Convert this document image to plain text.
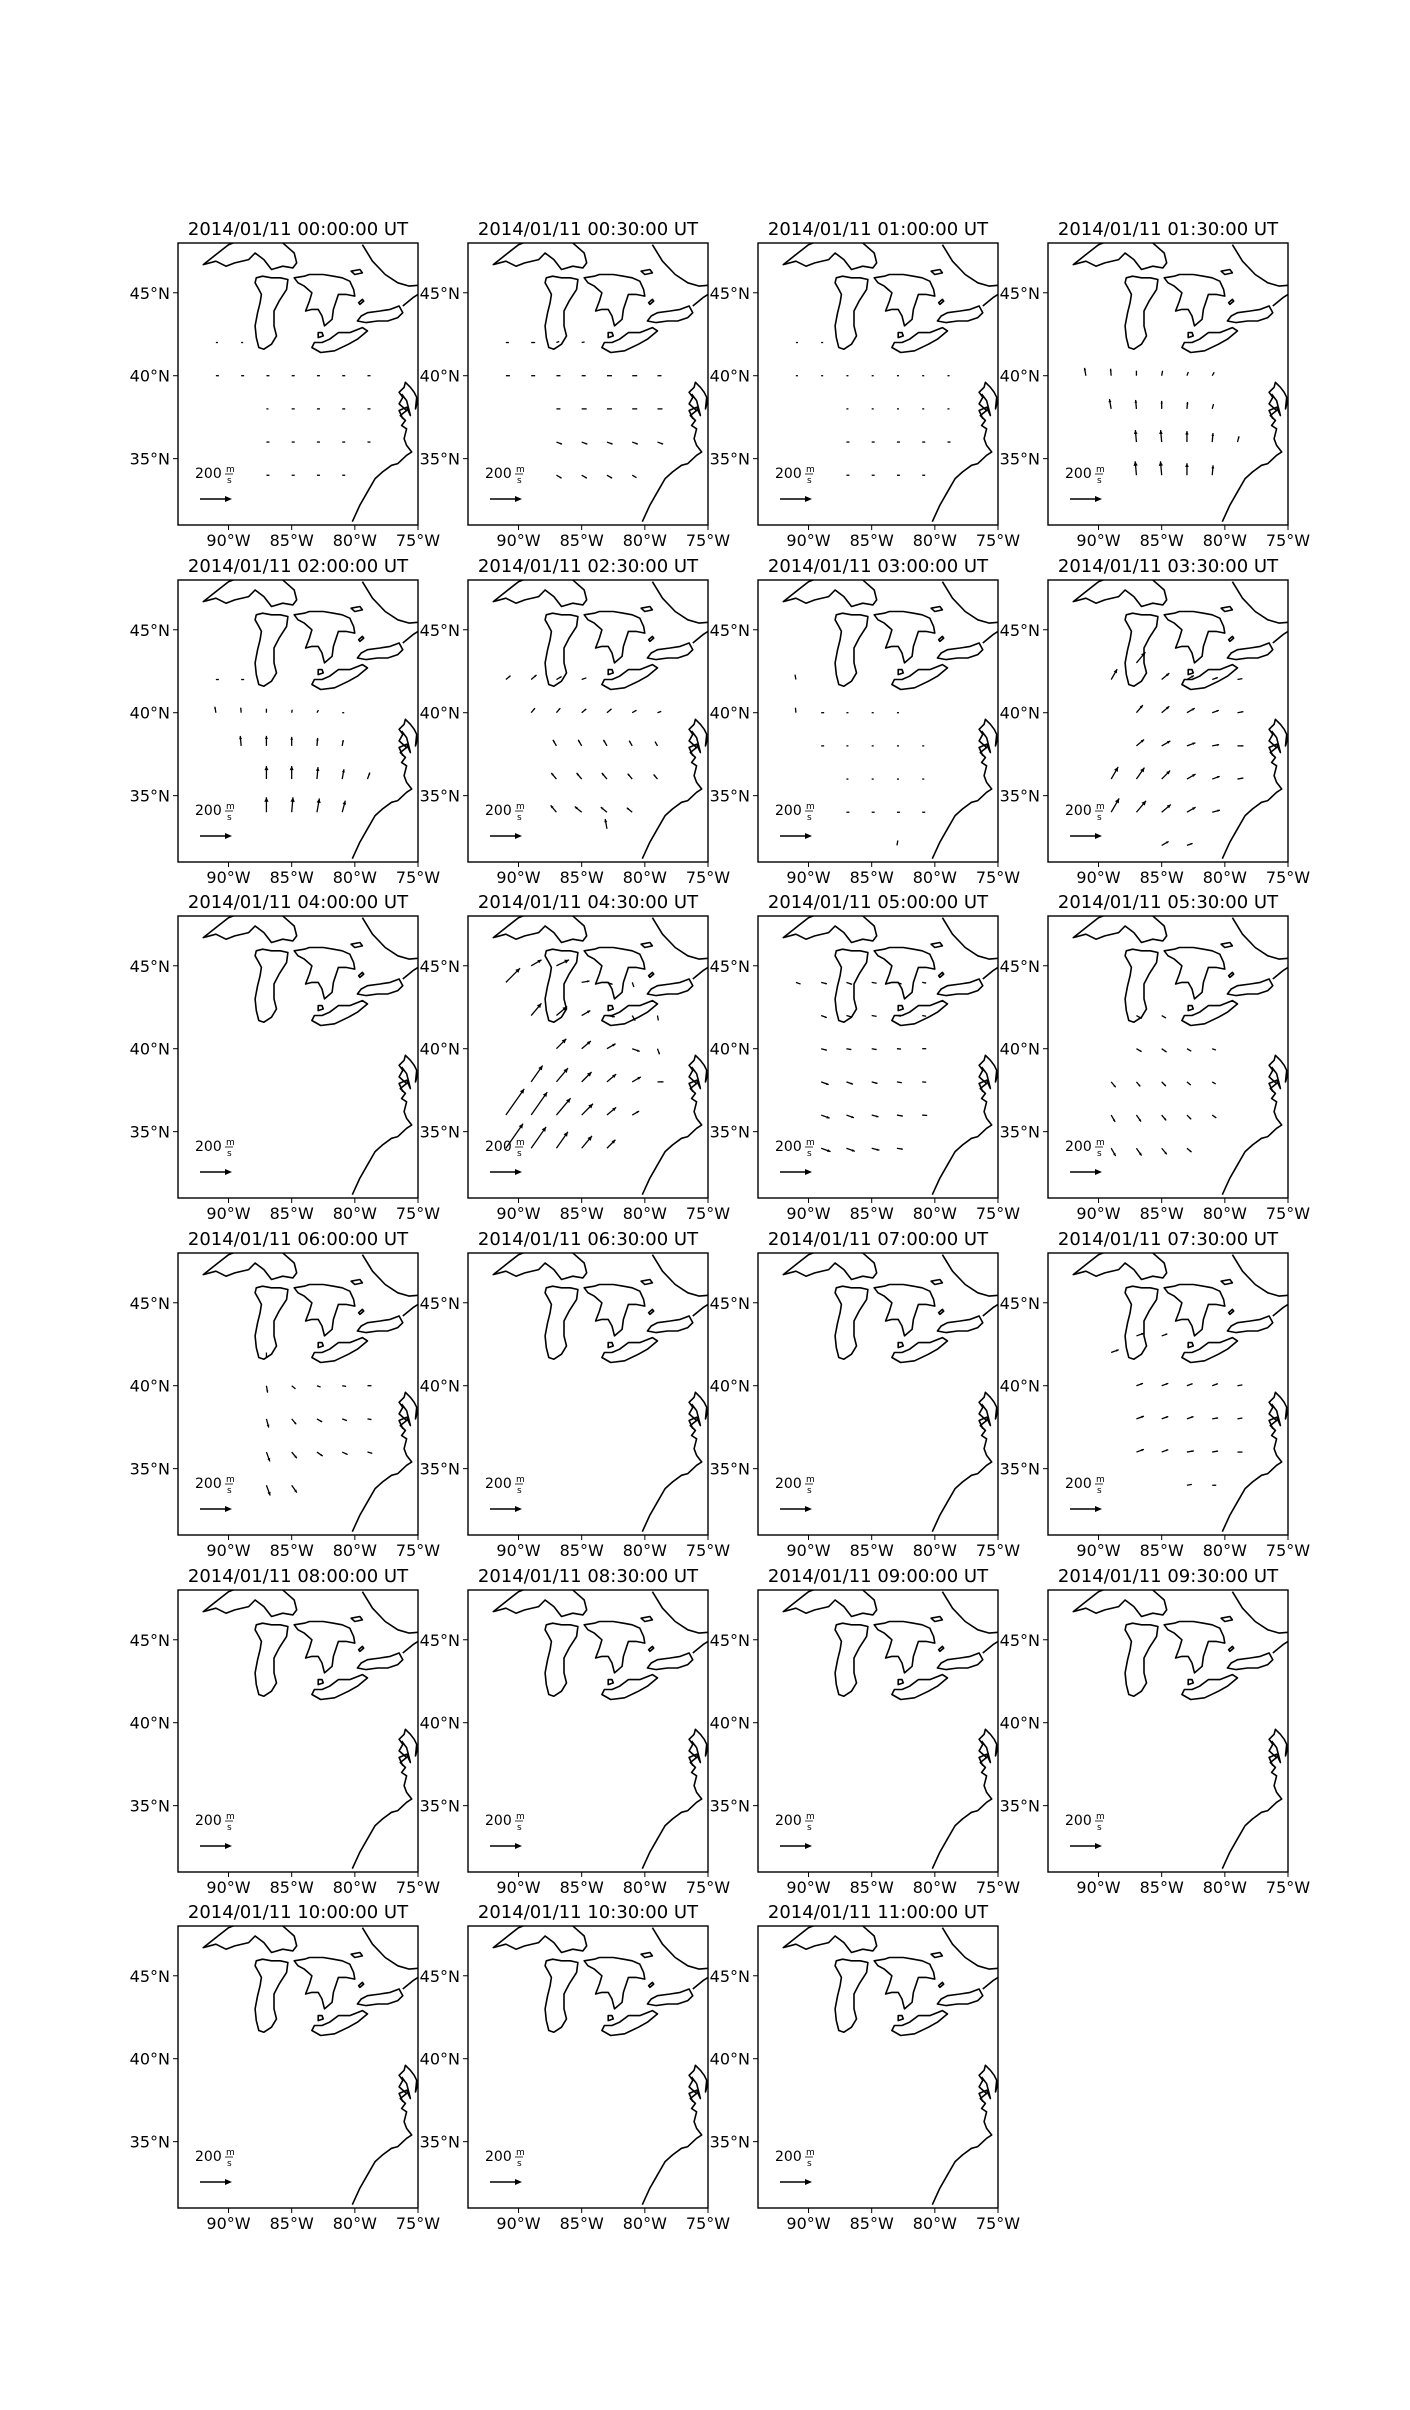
2014/01/11 00:00:00 UT
200 m
s
90°W 85°W 80°W 75°W
45°N
40°N
35°N
2014/01/11 00:30:00 UT
200 m
s
90°W 85°W 80°W 75°W
45°N
40°N
35°N
2014/01/11 01:00:00 UT
200 m
s
90°W 85°W 80°W 75°W
45°N
40°N
35°N
2014/01/11 01:30:00 UT
200 m
s
90°W 85°W 80°W 75°W
45°N
40°N
35°N
2014/01/11 02:00:00 UT
200 m
s
90°W 85°W 80°W 75°W
45°N
40°N
35°N
2014/01/11 02:30:00 UT
200 m
s
90°W 85°W 80°W 75°W
45°N
40°N
35°N
2014/01/11 03:00:00 UT
200 m
s
90°W 85°W 80°W 75°W
45°N
40°N
35°N
2014/01/11 03:30:00 UT
200 m
s
90°W 85°W 80°W 75°W
45°N
40°N
35°N
2014/01/11 04:00:00 UT
200 m
s
90°W 85°W 80°W 75°W
45°N
40°N
35°N
2014/01/11 04:30:00 UT
200 m
s
90°W 85°W 80°W 75°W
45°N
40°N
35°N
2014/01/11 05:00:00 UT
200 m
s
90°W 85°W 80°W 75°W
45°N
40°N
35°N
2014/01/11 05:30:00 UT
200 m
s
90°W 85°W 80°W 75°W
45°N
40°N
35°N
2014/01/11 06:00:00 UT
200 m
s
90°W 85°W 80°W 75°W
45°N
40°N
35°N
2014/01/11 06:30:00 UT
200 m
s
90°W 85°W 80°W 75°W
45°N
40°N
35°N
2014/01/11 07:00:00 UT
200 m
s
90°W 85°W 80°W 75°W
45°N
40°N
35°N
2014/01/11 07:30:00 UT
200 m
s
90°W 85°W 80°W 75°W
45°N
40°N
35°N
2014/01/11 08:00:00 UT
200 m
s
90°W 85°W 80°W 75°W
45°N
40°N
35°N
2014/01/11 08:30:00 UT
200 m
s
90°W 85°W 80°W 75°W
45°N
40°N
35°N
2014/01/11 09:00:00 UT
200 m
s
90°W 85°W 80°W 75°W
45°N
40°N
35°N
2014/01/11 09:30:00 UT
200 m
s
90°W 85°W 80°W 75°W
45°N
40°N
35°N
2014/01/11 10:00:00 UT
200 m
s
90°W 85°W 80°W 75°W
45°N
40°N
35°N
2014/01/11 10:30:00 UT
200 m
s
90°W 85°W 80°W 75°W
45°N
40°N
35°N
2014/01/11 11:00:00 UT
200 m
s
90°W 85°W 80°W 75°W
45°N
40°N
35°N
